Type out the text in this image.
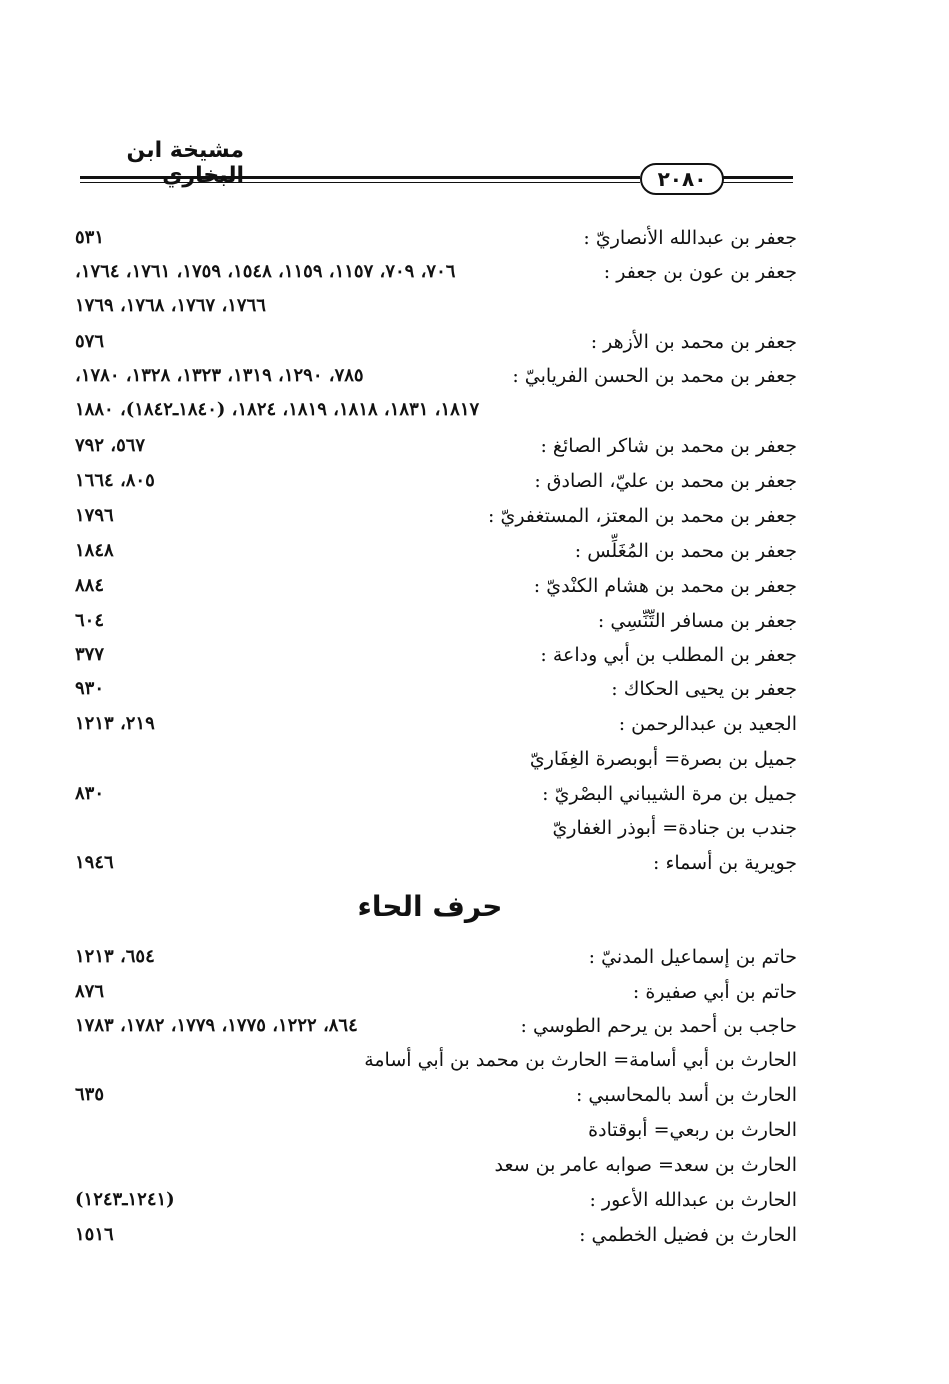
مشيخة ابن البخاري	٢٠٨٠
جعفر بن عبدالله الأنصاريّ :
٥٣١
جعفر بن عون بن جعفر :
٧٠٦، ٧٠٩، ١١٥٧، ١١٥٩، ١٥٤٨، ١٧٥٩، ١٧٦١، ١٧٦٤،
١٧٦٦، ١٧٦٧، ١٧٦٨، ١٧٦٩
جعفر بن محمد بن الأزهر :
٥٧٦
جعفر بن محمد بن الحسن الفريابيّ :
٧٨٥، ١٢٩٠، ١٣١٩، ١٣٢٣، ١٣٢٨، ١٧٨٠،
١٨١٧، ١٨٣١، ١٨١٨، ١٨١٩، ١٨٢٤، (١٨٤٠ـ١٨٤٢)، ١٨٨٠
جعفر بن محمد بن شاكر الصائغ :
٥٦٧، ٧٩٢
جعفر بن محمد بن عليّ، الصادق :
٨٠٥، ١٦٦٤
جعفر بن محمد بن المعتز، المستغفريّ :
١٧٩٦
جعفر بن محمد بن المُغَلِّس :
١٨٤٨
جعفر بن محمد بن هشام الكنْديّ :
٨٨٤
جعفر بن مسافر التِّنِّسِي :
٦٠٤
جعفر بن المطلب بن أبي وداعة :
٣٧٧
جعفر بن يحيى الحكاك :
٩٣٠
الجعيد بن عبدالرحمن :
٢١٩، ١٢١٣
جميل بن بصرة= أبوبصرة الغِفَاريّ
جميل بن مرة الشيباني البصْريّ :
٨٣٠
جندب بن جنادة= أبوذر الغفاريّ
جويرية بن أسماء :
١٩٤٦
حرف الحاء
حاتم بن إسماعيل المدنيّ :
٦٥٤، ١٢١٣
حاتم بن أبي صفيرة :
٨٧٦
حاجب بن أحمد بن يرحم الطوسي :
٨٦٤، ١٢٢٢، ١٧٧٥، ١٧٧٩، ١٧٨٢، ١٧٨٣
الحارث بن أبي أسامة= الحارث بن محمد بن أبي أسامة
الحارث بن أسد بالمحاسبي :
٦٣٥
الحارث بن ربعي= أبوقتادة
الحارث بن سعد= صوابه عامر بن سعد
الحارث بن عبدالله الأعور :
(١٢٤١ـ١٢٤٣)
الحارث بن فضيل الخطمي :
١٥١٦
